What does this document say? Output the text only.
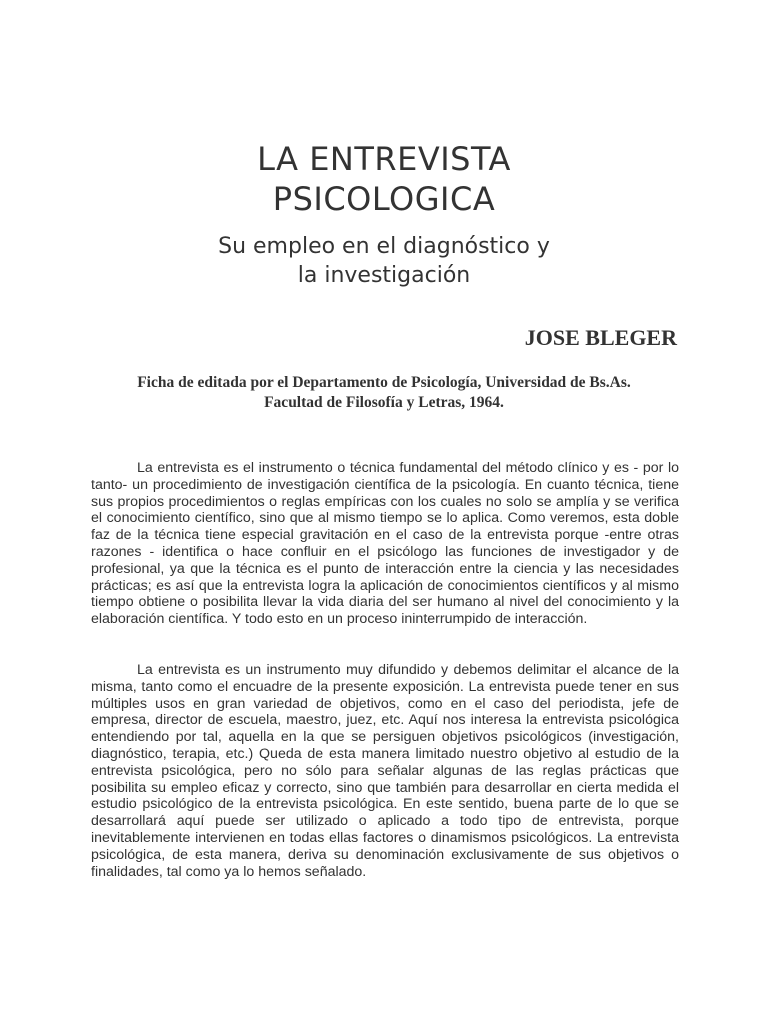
LA ENTREVISTA
PSICOLOGICA
Su empleo en el diagnóstico y
la investigación

JOSE BLEGER

Ficha de editada por el Departamento de Psicología, Universidad de Bs.As.

Facultad de Filosofía y Letras, 1964.

La entrevista es el instrumento o técnica fundamental del método clínico y es - por lo tanto- un procedimiento de investigación científica de la psicología. En cuanto técnica, tiene sus propios procedimientos o reglas empíricas con los cuales no solo se amplía y se verifica el conocimiento científico, sino que al mismo tiempo se lo aplica. Como veremos, esta doble faz de la técnica tiene especial gravitación en el caso de la entrevista porque -entre otras razones - identifica o hace confluir en el psicólogo las funciones de investigador y de profesional, ya que la técnica es el punto de interacción entre la ciencia y las necesidades prácticas; es así que la entrevista logra la aplicación de conocimientos científicos y al mismo tiempo obtiene o posibilita llevar la vida diaria del ser humano al nivel del conocimiento y la elaboración científica. Y todo esto en un proceso ininterrumpido de interacción.

La entrevista es un instrumento muy difundido y debemos delimitar el alcance de la misma, tanto como el encuadre de la presente exposición. La entrevista puede tener en sus múltiples usos en gran variedad de objetivos, como en el caso del periodista, jefe de empresa, director de escuela, maestro, juez, etc. Aquí nos interesa la entrevista psicológica entendiendo por tal, aquella en la que se persiguen objetivos psicológicos (investigación, diagnóstico, terapia, etc.) Queda de esta manera limitado nuestro objetivo al estudio de la entrevista psicológica, pero no sólo para señalar algunas de las reglas prácticas que posibilita su empleo eficaz y correcto, sino que también para desarrollar en cierta medida el estudio psicológico de la entrevista psicológica. En este sentido, buena parte de lo que se desarrollará aquí puede ser utilizado o aplicado a todo tipo de entrevista, porque inevitablemente intervienen en todas ellas factores o dinamismos psicológicos. La entrevista psicológica, de esta manera, deriva su denominación exclusivamente de sus objetivos o finalidades, tal como ya lo hemos señalado.
